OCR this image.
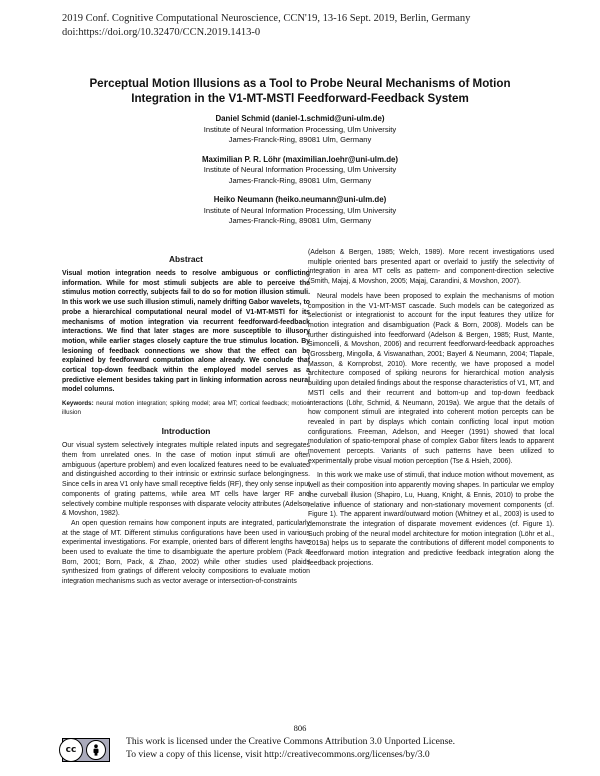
2019 Conf. Cognitive Computational Neuroscience, CCN'19, 13-16 Sept. 2019, Berlin, Germany
doi:https://doi.org/10.32470/CCN.2019.1413-0
Perceptual Motion Illusions as a Tool to Probe Neural Mechanisms of Motion
Integration in the V1-MT-MSTl Feedforward-Feedback System
Daniel Schmid (daniel-1.schmid@uni-ulm.de)
Institute of Neural Information Processing, Ulm University
James-Franck-Ring, 89081 Ulm, Germany
Maximilian P. R. Löhr (maximilian.loehr@uni-ulm.de)
Institute of Neural Information Processing, Ulm University
James-Franck-Ring, 89081 Ulm, Germany
Heiko Neumann (heiko.neumann@uni-ulm.de)
Institute of Neural Information Processing, Ulm University
James-Franck-Ring, 89081 Ulm, Germany
Abstract

Visual motion integration needs to resolve ambiguous or conflicting information. While for most stimuli subjects are able to perceive the stimulus motion correctly, subjects fail to do so for motion illusion stimuli. In this work we use such illusion stimuli, namely drifting Gabor wavelets, to probe a hierarchical computational neural model of V1-MT-MSTl for its mechanisms of motion integration via recurrent feedforward-feedback interactions. We find that later stages are more susceptible to illusory motion, while earlier stages closely capture the true stimulus location. By lesioning of feedback connections we show that the effect can be explained by feedforward computation alone already. We conclude that cortical top-down feedback within the employed model serves as a predictive element besides taking part in linking information across neural model columns.

Keywords: neural motion integration; spiking model; area MT; cortical feedback; motion illusion

Introduction

Our visual system selectively integrates multiple related inputs and segregates them from unrelated ones. In the case of motion input stimuli are often ambiguous (aperture problem) and even localized features need to be evaluated and distinguished according to their intrinsic or extrinsic surface belongingness. Since cells in area V1 only have small receptive fields (RF), they only sense input components of grating patterns, while area MT cells have larger RF and selectively combine multiple responses with disparate velocity attributes (Adelson & Movshon, 1982).

An open question remains how component inputs are integrated, particularly at the stage of MT. Different stimulus configurations have been used in various experimental investigations. For example, oriented bars of different lengths have been used to evaluate the time to disambiguate the aperture problem (Pack & Born, 2001; Born, Pack, & Zhao, 2002) while other studies used plaids synthesized from gratings of different velocity compositions to evaluate motion integration mechanisms such as vector average or intersection-of-constraints

(Adelson & Bergen, 1985; Welch, 1989). More recent investigations used multiple oriented bars presented apart or overlaid to justify the selectivity of integration in area MT cells as pattern- and component-direction selective (Smith, Majaj, & Movshon, 2005; Majaj, Carandini, & Movshon, 2007).

Neural models have been proposed to explain the mechanisms of motion composition in the V1-MT-MST cascade. Such models can be categorized as selectionist or integrationist to account for the input features they utilize for motion integration and disambiguation (Pack & Born, 2008). Models can be further distinguished into feedforward (Adelson & Bergen, 1985; Rust, Mante, Simoncelli, & Movshon, 2006) and recurrent feedforward-feedback approaches (Grossberg, Mingolla, & Viswanathan, 2001; Bayerl & Neumann, 2004; Tlapale, Masson, & Kornprobst, 2010). More recently, we have proposed a model architecture composed of spiking neurons for hierarchical motion analysis building upon detailed findings about the response characteristics of V1, MT, and MSTl cells and their recurrent and bottom-up and top-down feedback interactions (Löhr, Schmid, & Neumann, 2019a). We argue that the details of how component stimuli are integrated into coherent motion percepts can be revealed in part by displays which contain conflicting local input motion configurations. Freeman, Adelson, and Heeger (1991) showed that local modulation of spatio-temporal phase of complex Gabor filters leads to apparent movement percepts. Variants of such patterns have been utilized to experimentally probe visual motion perception (Tse & Hsieh, 2006).

In this work we make use of stimuli, that induce motion without movement, as well as their composition into apparently moving shapes. In particular we employ the curveball illusion (Shapiro, Lu, Huang, Knight, & Ennis, 2010) to probe the relative influence of stationary and non-stationary movement components (cf. Figure 1). The apparent inward/outward motion (Whitney et al., 2003) is used to demonstrate the integration of disparate movement evidences (cf. Figure 1). Such probing of the neural model architecture for motion integration (Löhr et al., 2019a) helps us to separate the contributions of different model components to feedforward motion integration and predictive feedback integration along the feedback projections.

806
cc
This work is licensed under the Creative Commons Attribution 3.0 Unported License.
To view a copy of this license, visit http://creativecommons.org/licenses/by/3.0
